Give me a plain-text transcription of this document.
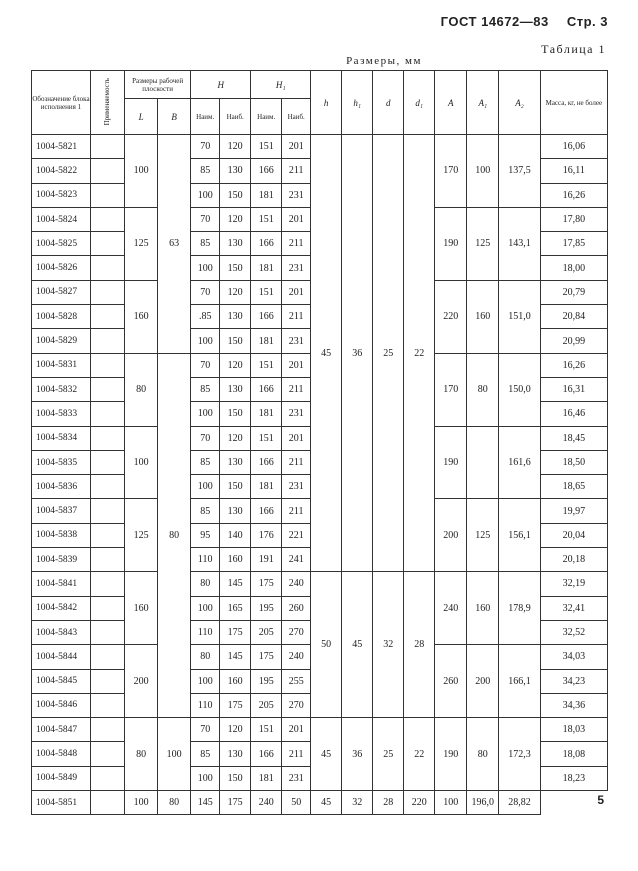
ГОСТ 14672—83 Стр. 3
Таблица 1
Размеры, мм
Обозначение блока исполнения 1	Применяемость	Размеры рабочей плоскости		H		H₁		h	h₁	d	d₁	A	A₁	A₂	Масса, кг, не более
		L	B	Наим.	Наиб.	Наим.	Наиб.								
1004-5821		100	63	70	120	151	201	45	36	25	22	170	100	137,5	16,06
1004-5822				85	130	166	211								16,11
1004-5823				100	150	181	231								16,26
1004-5824		125		70	120	151	201					190	125	143,1	17,80
1004-5825				85	130	166	211								17,85
1004-5826				100	150	181	231								18,00
1004-5827		160		70	120	151	201					220	160	151,0	20,79
1004-5828				.85	130	166	211								20,84
1004-5829				100	150	181	231								20,99
1004-5831		80	80	70	120	151	201					170	80	150,0	16,26
1004-5832				85	130	166	211								16,31
1004-5833				100	150	181	231								16,46
1004-5834		100		70	120	151	201					190		161,6	18,45
1004-5835				85	130	166	211								18,50
1004-5836				100	150	181	231								18,65
1004-5837		125		85	130	166	211					200	125	156,1	19,97
1004-5838				95	140	176	221								20,04
1004-5839				110	160	191	241								20,18
1004-5841		160		80	145	175	240	50	45	32	28	240	160	178,9	32,19
1004-5842				100	165	195	260								32,41
1004-5843				110	175	205	270								32,52
1004-5844		200		80	145	175	240					260	200	166,1	34,03
1004-5845				100	160	195	255								34,23
1004-5846				110	175	205	270								34,36
1004-5847		80	100	70	120	151	201	45	36	25	22	190	80	172,3	18,03
1004-5848				85	130	166	211								18,08
1004-5849				100	150	181	231								18,23
1004-5851		100	80	145	175	240	50	45	32	28	220	100	196,0	28,82		5
